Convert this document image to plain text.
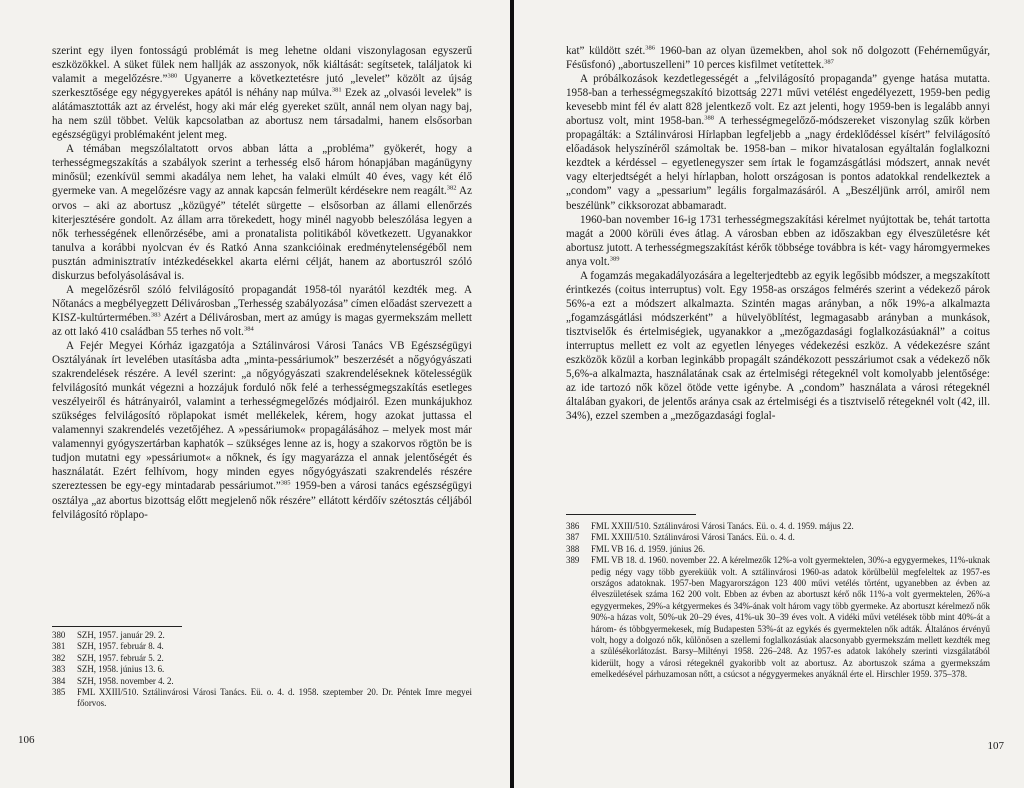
szerint egy ilyen fontosságú problémát is meg lehetne oldani viszonylagosan egyszerű eszközökkel. A süket fülek nem hallják az asszonyok, nők kiáltását: segítsetek, találjatok ki valamit a megelőzésre.”$^{380}$ Ugyanerre a következtetésre jutó „levelet” közölt az újság szerkesztősége egy négygyerekes apától is néhány nap múlva.$^{381}$ Ezek az „olvasói levelek” is alátámasztották azt az érvelést, hogy aki már elég gyereket szült, annál nem olyan nagy baj, ha nem szül többet. Velük kapcsolatban az abortusz nem társadalmi, hanem elsősorban egészségügyi problémaként jelent meg.

A témában megszólaltatott orvos abban látta a „probléma” gyökerét, hogy a terhességmegszakítás a szabályok szerint a terhesség első három hónapjában magánügyny minősül; ezenkívül semmi akadálya nem lehet, ha valaki elmúlt 40 éves, vagy két élő gyermeke van. A megelőzésre vagy az annak kapcsán felmerült kérdésekre nem reagált.$^{382}$ Az orvos – aki az abortusz „közügyé” tételét sürgette – elsősorban az állami ellenőrzés kiterjesztésére gondolt. Az állam arra törekedett, hogy minél nagyobb beleszólása legyen a nők terhességének ellenőrzésébe, ami a pronatalista politikából következett. Ugyanakkor tanulva a korábbi nyolcvan év és Ratkó Anna szankcióinak eredménytelenségéből nem pusztán adminisztratív intézkedésekkel akarta elérni célját, hanem az abortuszról szóló diskurzus befolyásolásával is.

A megelőzésről szóló felvilágosító propagandát 1958-tól nyarától kezdték meg. A Nőtanács a megbélyegzett Délivárosban „Terhesség szabályozása” címen előadást szervezett a KISZ-kultúrtermében.$^{383}$ Azért a Délivárosban, mert az amúgy is magas gyermekszám mellett az ott lakó 410 családban 55 terhes nő volt.$^{384}$

A Fejér Megyei Kórház igazgatója a Sztálinvárosi Városi Tanács VB Egészségügyi Osztályának írt levelében utasításba adta „minta-pessáriumok” beszerzését a nőgyógyászati szakrendelések részére. A levél szerint: „a nőgyógyászati szakrendeléseknek kötelességük felvilágosító munkát végezni a hozzájuk forduló nők felé a terhességmegszakítás esetleges veszélyeiről és hátrányairól, valamint a terhességmegelőzés módjairól. Ezen munkájukhoz szükséges felvilágosító röplapokat ismét mellékelek, kérem, hogy azokat juttassa el valamennyi szakrendelés vezetőjéhez. A »pessáriumok« propagálásához – melyek most már valamennyi gyógyszertárban kaphatók – szükséges lenne az is, hogy a szakorvos rögtön be is tudjon mutatni egy »pessáriumot« a nőknek, és így magyarázza el annak jelentőségét és használatát. Ezért felhívom, hogy minden egyes nőgyógyászati szakrendelés részére szereztessen be egy-egy mintadarab pessáriumot.”$^{385}$ 1959-ben a városi tanács egészségügyi osztálya „az abortus bizottság előtt megjelenő nők részére” ellátott kérdőív szétosztás céljából felvilágosító röplapo-

380 SZH, 1957. január 29. 2.

381 SZH, 1957. február 8. 4.

382 SZH, 1957. február 5. 2.

383 SZH, 1958. június 13. 6.

384 SZH, 1958. november 4. 2.

385 FML XXIII/510. Sztálinvárosi Városi Tanács. Eü. o. 4. d. 1958. szeptember 20. Dr. Péntek Imre megyei főorvos.

106

kat” küldött szét.$^{386}$ 1960-ban az olyan üzemekben, ahol sok nő dolgozott (Fehérneműgyár, Fésűsfonó) „abortuszelleni” 10 perces kisfilmet vetítettek.$^{387}$

A próbálkozások kezdetlegességét a „felvilágosító propaganda” gyenge hatása mutatta. 1958-ban a terhességmegszakító bizottság 2271 művi vetélést engedélyezett, 1959-ben pedig kevesebb mint fél év alatt 828 jelentkező volt. Ez azt jelenti, hogy 1959-ben is legalább annyi abortusz volt, mint 1958-ban.$^{388}$ A terhességmegelőző-módszereket viszonylag szűk körben propagálták: a Sztálinvárosi Hírlapban legfeljebb a „nagy érdeklődéssel kísért” felvilágosító előadások helyszínéről számoltak be. 1958-ban – mikor hivatalosan egyáltalán foglalkozni kezdtek a kérdéssel – egyetlenegyszer sem írtak le fogamzásgátlási módszert, annak nevét vagy elterjedtségét a helyi hírlapban, holott országosan is pontos adatokkal rendelkeztek a „condom” vagy a „pessarium” legális forgalmazásáról. A „Beszéljünk arról, amiről nem beszélünk” cikksorozat abbamaradt.

1960-ban november 16-ig 1731 terhességmegszakítási kérelmet nyújtottak be, tehát tartotta magát a 2000 körüli éves átlag. A városban ebben az időszakban egy élveszületésre két abortusz jutott. A terhességmegszakítást kérők többsége továbbra is két- vagy háromgyermekes anya volt.$^{389}$

A fogamzás megakadályozására a legelterjedtebb az egyik legősibb módszer, a megszakított érintkezés (coitus interruptus) volt. Egy 1958-as országos felmérés szerint a védekező párok 56%-a ezt a módszert alkalmazta. Szintén magas arányban, a nők 19%-a alkalmazta „fogamzásgátlási módszerként” a hüvelyöblítést, legmagasabb arányban a munkások, tisztviselők és értelmiségiek, ugyanakkor a „mezőgazdasági foglalkozásúaknál” a coitus interruptus mellett ez volt az egyetlen lényeges védekezési eszköz. A védekezésre szánt eszközök közül a korban leginkább propagált szándékozott pesszáriumot csak a védekező nők 5,6%-a alkalmazta, használatának csak az értelmiségi rétegeknél volt komolyabb jelentősége: az ide tartozó nők közel ötöde vette igénybe. A „condom” használata a városi rétegeknél általában gyakori, de jelentős aránya csak az értelmiségi és a tisztviselő rétegeknél volt (42, ill. 34%), ezzel szemben a „mezőgazdasági foglal-

386 FML XXIII/510. Sztálinvárosi Városi Tanács. Eü. o. 4. d. 1959. május 22.

387 FML XXIII/510. Sztálinvárosi Városi Tanács. Eü. o. 4. d.

388 FML VB 16. d. 1959. június 26.

389 FML VB 18. d. 1960. november 22. A kérelmezők 12%-a volt gyermektelen, 30%-a egygyermekes, 11%-uknak pedig négy vagy több gyereküük volt. A sztálinvárosi 1960-as adatok körülbelül megfeleltek az 1957-es országos adatoknak. 1957-ben Magyarországon 123 400 művi vetélés történt, ugyanebben az évben az élveszületések száma 162 200 volt. Ebben az évben az abortuszt kérő nők 11%-a volt gyermektelen, 26%-a egygyermekes, 29%-a kétgyermekes és 34%-ának volt három vagy több gyermeke. Az abortuszt kérelmező nők 90%-a házas volt, 50%-uk 20–29 éves, 41%-uk 30–39 éves volt. A vidéki művi vetélések több mint 40%-át a három- és többgyermekesek, míg Budapesten 53%-át az egykés és gyermektelen nők adták. Általános érvényű volt, hogy a dolgozó nők, különösen a szellemi foglalkozásúak alacsonyabb gyermekszám mellett kezdték meg a szülésékorlátozást. Barsy–Miltényi 1958. 226–248. Az 1957-es adatok lakóhely szerinti vizsgálatából kiderült, hogy a városi rétegeknél gyakoribb volt az abortusz. Az abortuszok száma a gyermekszám emelkedésével párhuzamosan nőtt, a csúcsot a négygyermekes anyáknál érte el. Hirschler 1959. 375–378.

107
